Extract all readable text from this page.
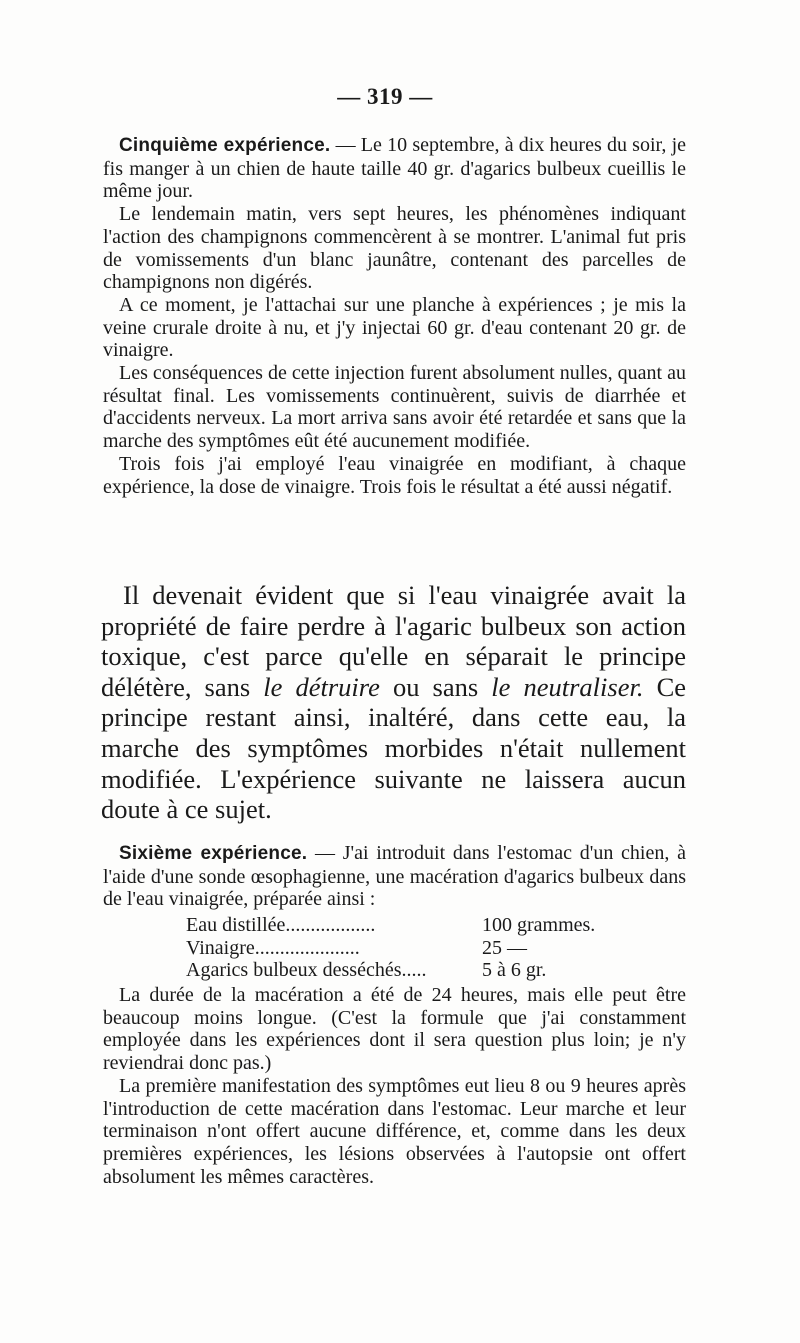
— 319 —

Cinquième expérience. — Le 10 septembre, à dix heures du soir, je fis manger à un chien de haute taille 40 gr. d'agarics bulbeux cueillis le même jour.

Le lendemain matin, vers sept heures, les phénomènes indiquant l'action des champignons commencèrent à se montrer. L'animal fut pris de vomissements d'un blanc jaunâtre, contenant des parcelles de champignons non digérés.

A ce moment, je l'attachai sur une planche à expériences ; je mis la veine crurale droite à nu, et j'y injectai 60 gr. d'eau contenant 20 gr. de vinaigre.

Les conséquences de cette injection furent absolument nulles, quant au résultat final. Les vomissements continuèrent, suivis de diarrhée et d'accidents nerveux. La mort arriva sans avoir été retardée et sans que la marche des symptômes eût été aucunement modifiée.

Trois fois j'ai employé l'eau vinaigrée en modifiant, à chaque expérience, la dose de vinaigre. Trois fois le résultat a été aussi négatif.

Il devenait évident que si l'eau vinaigrée avait la propriété de faire perdre à l'agaric bulbeux son action toxique, c'est parce qu'elle en séparait le principe délétère, sans le détruire ou sans le neutraliser. Ce principe restant ainsi, inaltéré, dans cette eau, la marche des symptômes morbides n'était nullement modifiée. L'expérience suivante ne laissera aucun doute à ce sujet.

Sixième expérience. — J'ai introduit dans l'estomac d'un chien, à l'aide d'une sonde œsophagienne, une macération d'agarics bulbeux dans de l'eau vinaigrée, préparée ainsi :

Eau distillée..................	100 grammes.
Vinaigre.....................	25 —
Agarics bulbeux desséchés.....	5 à 6 gr.

La durée de la macération a été de 24 heures, mais elle peut être beaucoup moins longue. (C'est la formule que j'ai constamment employée dans les expériences dont il sera question plus loin; je n'y reviendrai donc pas.)

La première manifestation des symptômes eut lieu 8 ou 9 heures après l'introduction de cette macération dans l'estomac. Leur marche et leur terminaison n'ont offert aucune différence, et, comme dans les deux premières expériences, les lésions observées à l'autopsie ont offert absolument les mêmes caractères.
